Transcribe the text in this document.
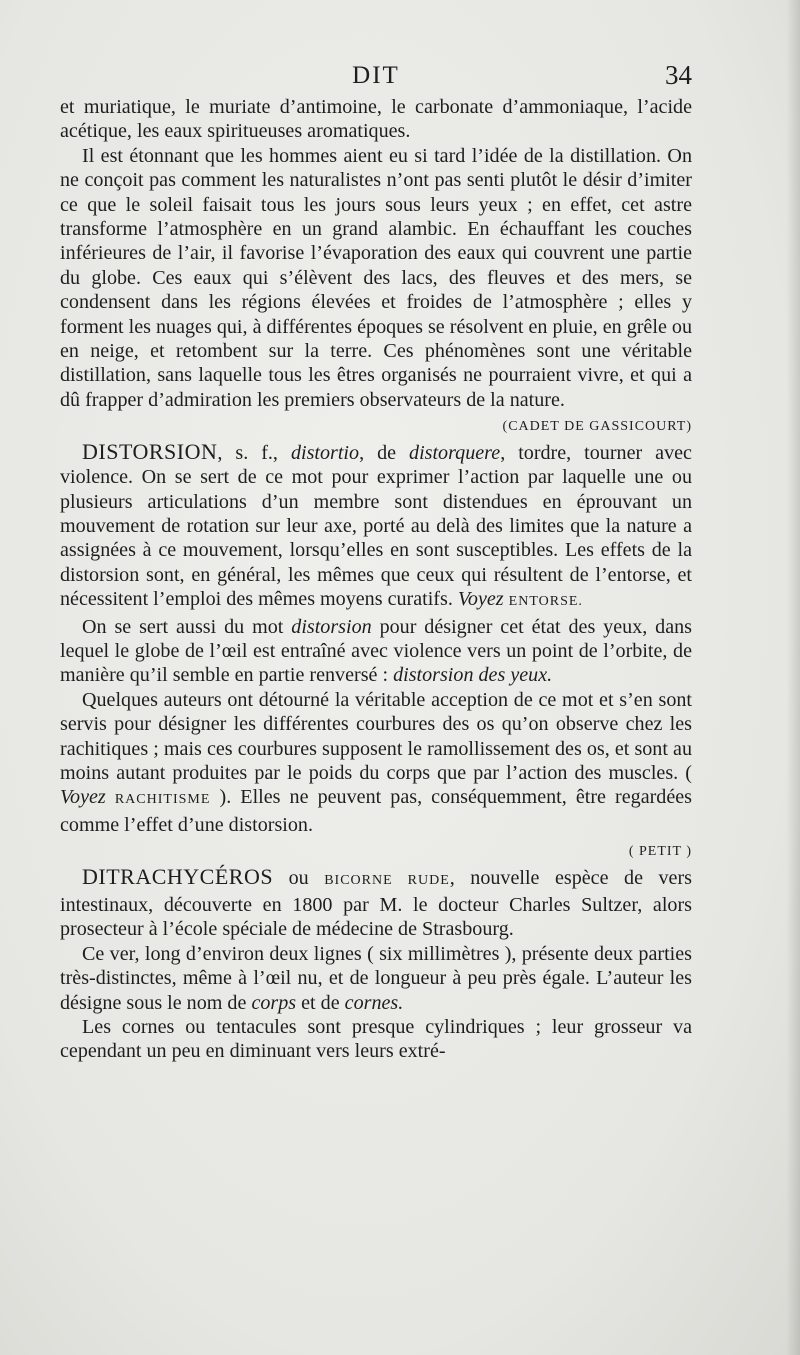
DIT	34

et muriatique, le muriate d’antimoine, le carbonate d’ammoniaque, l’acide acétique, les eaux spiritueuses aromatiques.

Il est étonnant que les hommes aient eu si tard l’idée de la distillation. On ne conçoit pas comment les naturalistes n’ont pas senti plutôt le désir d’imiter ce que le soleil faisait tous les jours sous leurs yeux ; en effet, cet astre transforme l’atmosphère en un grand alambic. En échauffant les couches inférieures de l’air, il favorise l’évaporation des eaux qui couvrent une partie du globe. Ces eaux qui s’élèvent des lacs, des fleuves et des mers, se condensent dans les régions élevées et froides de l’atmosphère ; elles y forment les nuages qui, à différentes époques se résolvent en pluie, en grêle ou en neige, et retombent sur la terre. Ces phénomènes sont une véritable distillation, sans laquelle tous les êtres organisés ne pourraient vivre, et qui a dû frapper d’admiration les premiers observateurs de la nature.

(CADET DE GASSICOURT)

DISTORSION, s. f., distortio, de distorquere, tordre, tourner avec violence. On se sert de ce mot pour exprimer l’action par laquelle une ou plusieurs articulations d’un membre sont distendues en éprouvant un mouvement de rotation sur leur axe, porté au delà des limites que la nature a assignées à ce mouvement, lorsqu’elles en sont susceptibles. Les effets de la distorsion sont, en général, les mêmes que ceux qui résultent de l’entorse, et nécessitent l’emploi des mêmes moyens curatifs. Voyez ENTORSE.

On se sert aussi du mot distorsion pour désigner cet état des yeux, dans lequel le globe de l’œil est entraîné avec violence vers un point de l’orbite, de manière qu’il semble en partie renversé : distorsion des yeux.

Quelques auteurs ont détourné la véritable acception de ce mot et s’en sont servis pour désigner les différentes courbures des os qu’on observe chez les rachitiques ; mais ces courbures supposent le ramollissement des os, et sont au moins autant produites par le poids du corps que par l’action des muscles. ( Voyez RACHITISME ). Elles ne peuvent pas, conséquemment, être regardées comme l’effet d’une distorsion.

( PETIT )

DITRACHYCÉROS ou BICORNE RUDE, nouvelle espèce de vers intestinaux, découverte en 1800 par M. le docteur Charles Sultzer, alors prosecteur à l’école spéciale de médecine de Strasbourg.

Ce ver, long d’environ deux lignes ( six millimètres ), présente deux parties très-distinctes, même à l’œil nu, et de longueur à peu près égale. L’auteur les désigne sous le nom de corps et de cornes.

Les cornes ou tentacules sont presque cylindriques ; leur grosseur va cependant un peu en diminuant vers leurs extré-
